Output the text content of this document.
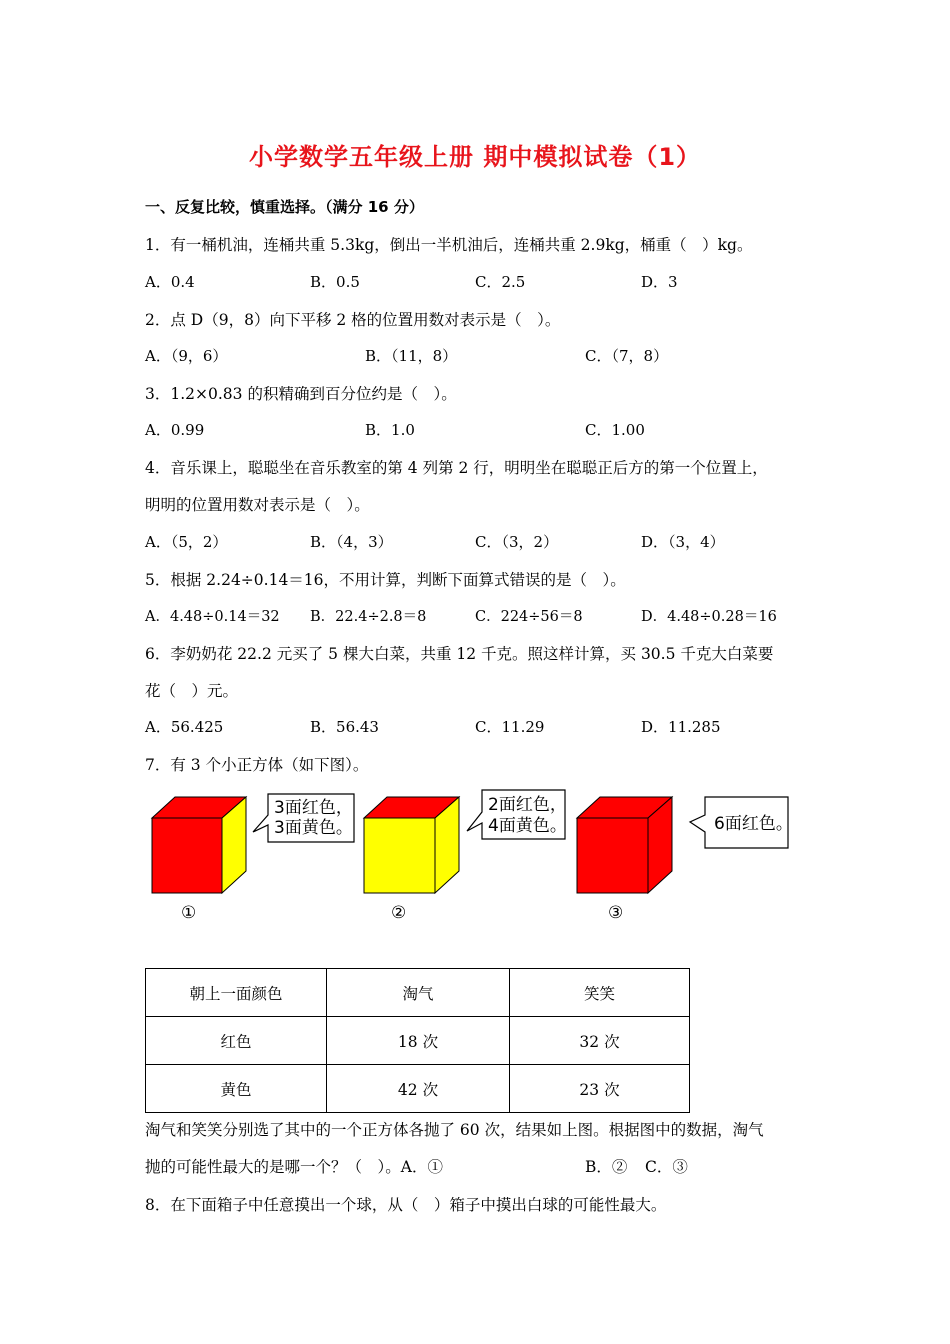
小学数学五年级上册 期中模拟试卷（1）
一、反复比较，慎重选择。（满分 16 分）
1．有一桶机油，连桶共重 5.3kg，倒出一半机油后，连桶共重 2.9kg，桶重（　）kg。
A．0.4	B．0.5	C．2.5	D．3
2．点 D（9，8）向下平移 2 格的位置用数对表示是（　）。
A．（9，6）	B．（11，8）	C．（7，8）
3．1.2×0.83 的积精确到百分位约是（　）。
A．0.99	B．1.0	C．1.00
4．音乐课上，聪聪坐在音乐教室的第 4 列第 2 行，明明坐在聪聪正后方的第一个位置上，
明明的位置用数对表示是（　）。
A．（5，2）	B．（4，3）	C．（3，2）	D．（3，4）
5．根据 2.24÷0.14＝16，不用计算，判断下面算式错误的是（　）。
A．4.48÷0.14＝32 B．22.4÷2.8＝8	C．224÷56＝8	D．4.48÷0.28＝16
6．李奶奶花 22.2 元买了 5 棵大白菜，共重 12 千克。照这样计算，买 30.5 千克大白菜要
花（　）元。
A．56.425	B．56.43	C．11.29	D．11.285
7．有 3 个小正方体（如下图）。
3面红色，
3面黄色。
①
2面红色，
4面黄色。
②
6面红色。
③
朝上一面颜色	淘气	笑笑
红色	18 次	32 次
黄色	42 次	23 次
淘气和笑笑分别选了其中的一个正方体各抛了 60 次，结果如上图。根据图中的数据，淘气
抛的可能性最大的是哪一个？（　）。A．①	B．② C．③
8．在下面箱子中任意摸出一个球，从（　）箱子中摸出白球的可能性最大。
